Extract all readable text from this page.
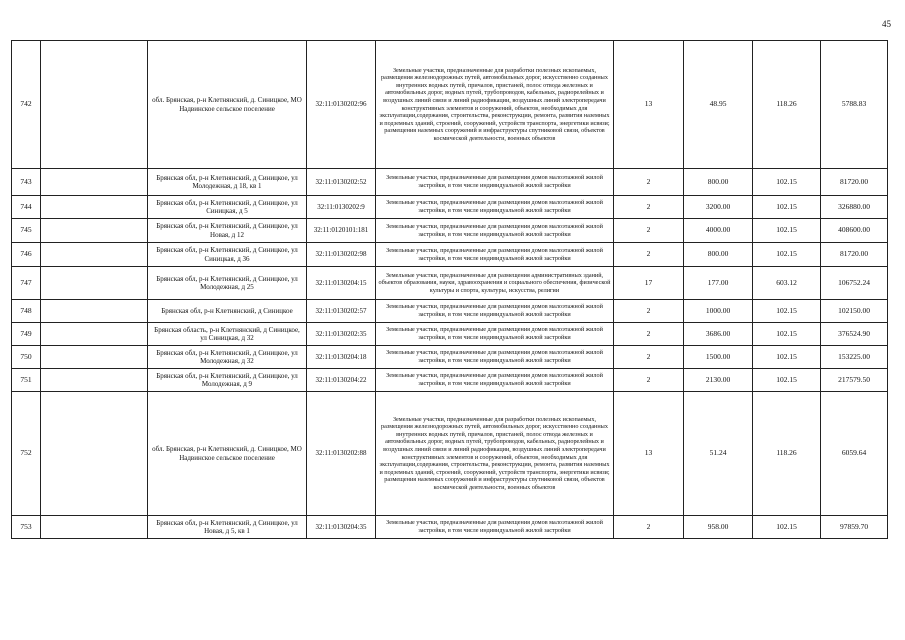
45
742		обл. Брянская, р-н Клетнянский, д. Синицкое, МО Надвинское сельское поселение	32:11:0130202:96	Земельные участки, предназначенные для разработки полезных ископаемых, размещения железнодорожных путей, автомобильных дорог, искусственно созданных внутренних водных путей, причалов, пристаней, полос отвода железных и автомобильных дорог, водных путей, трубопроводов, кабельных, радиорелейных и воздушных линий связи и линий радиофикации, воздушных линий электропередачи конструктивных элементов и сооружений, объектов, необходимых для эксплуатации,содержания, строительства, реконструкции, ремонта, развития наземных и подземных зданий, строений, сооружений, устройств транспорта, энергетики исвязи; размещения наземных сооружений и инфраструктуры спутниковой связи, объектов космической деятельности, военных объектов	13	48.95	118.26	5788.83
743		Брянская обл, р-н Клетнянский, д Синицкое, ул Молодежная, д 18, кв 1	32:11:0130202:52	Земельные участки, предназначенные для размещения домов малоэтажной жилой застройки, в том числе индивидуальной жилой застройки	2	800.00	102.15	81720.00
744		Брянская обл, р-н Клетнянский, д Синицкое, ул Синицкая, д 5	32:11:0130202:9	Земельные участки, предназначенные для размещения домов малоэтажной жилой застройки, в том числе индивидуальной жилой застройки	2	3200.00	102.15	326880.00
745		Брянская обл, р-н Клетнянский, д Синицкое, ул Новая, д 12	32:11:0120101:181	Земельные участки, предназначенные для размещения домов малоэтажной жилой застройки, в том числе индивидуальной жилой застройки	2	4000.00	102.15	408600.00
746		Брянская обл, р-н Клетнянский, д Синицкое, ул Синицкая, д 36	32:11:0130202:98	Земельные участки, предназначенные для размещения домов малоэтажной жилой застройки, в том числе индивидуальной жилой застройки	2	800.00	102.15	81720.00
747		Брянская обл, р-н Клетнянский, д Синицкое, ул Молодежная, д 25	32:11:0130204:15	Земельные участки, предназначенные для размещения административных зданий, объектов образования, науки, здравоохранения и социального обеспечения, физической культуры и спорта, культуры, искусства, религии	17	177.00	603.12	106752.24
748		Брянская обл, р-н Клетнянский, д Синицкое	32:11:0130202:57	Земельные участки, предназначенные для размещения домов малоэтажной жилой застройки, в том числе индивидуальной жилой застройки	2	1000.00	102.15	102150.00
749		Брянская область, р-н Клетнянский, д Синицкое, ул Синицкая, д 32	32:11:0130202:35	Земельные участки, предназначенные для размещения домов малоэтажной жилой застройки, в том числе индивидуальной жилой застройки	2	3686.00	102.15	376524.90
750		Брянская обл, р-н Клетнянский, д Синицкое, ул Молодежная, д 32	32:11:0130204:18	Земельные участки, предназначенные для размещения домов малоэтажной жилой застройки, в том числе индивидуальной жилой застройки	2	1500.00	102.15	153225.00
751		Брянская обл, р-н Клетнянский, д Синицкое, ул Молодежная, д 9	32:11:0130204:22	Земельные участки, предназначенные для размещения домов малоэтажной жилой застройки, в том числе индивидуальной жилой застройки	2	2130.00	102.15	217579.50
752		обл. Брянская, р-н Клетнянский, д. Синицкое, МО Надвинское сельское поселение	32:11:0130202:88	Земельные участки, предназначенные для разработки полезных ископаемых, размещения железнодорожных путей, автомобильных дорог, искусственно созданных внутренних водных путей, причалов, пристаней, полос отвода железных и автомобильных дорог, водных путей, трубопроводов, кабельных, радиорелейных и воздушных линий связи и линий радиофикации, воздушных линий электропередачи конструктивных элементов и сооружений, объектов, необходимых для эксплуатации,содержания, строительства, реконструкции, ремонта, развития наземных и подземных зданий, строений, сооружений, устройств транспорта, энергетики исвязи; размещения наземных сооружений и инфраструктуры спутниковой связи, объектов космической деятельности, военных объектов	13	51.24	118.26	6059.64
753		Брянская обл, р-н Клетнянский, д Синицкое, ул Новая, д 5, кв 1	32:11:0130204:35	Земельные участки, предназначенные для размещения домов малоэтажной жилой застройки, в том числе индивидуальной жилой застройки	2	958.00	102.15	97859.70
